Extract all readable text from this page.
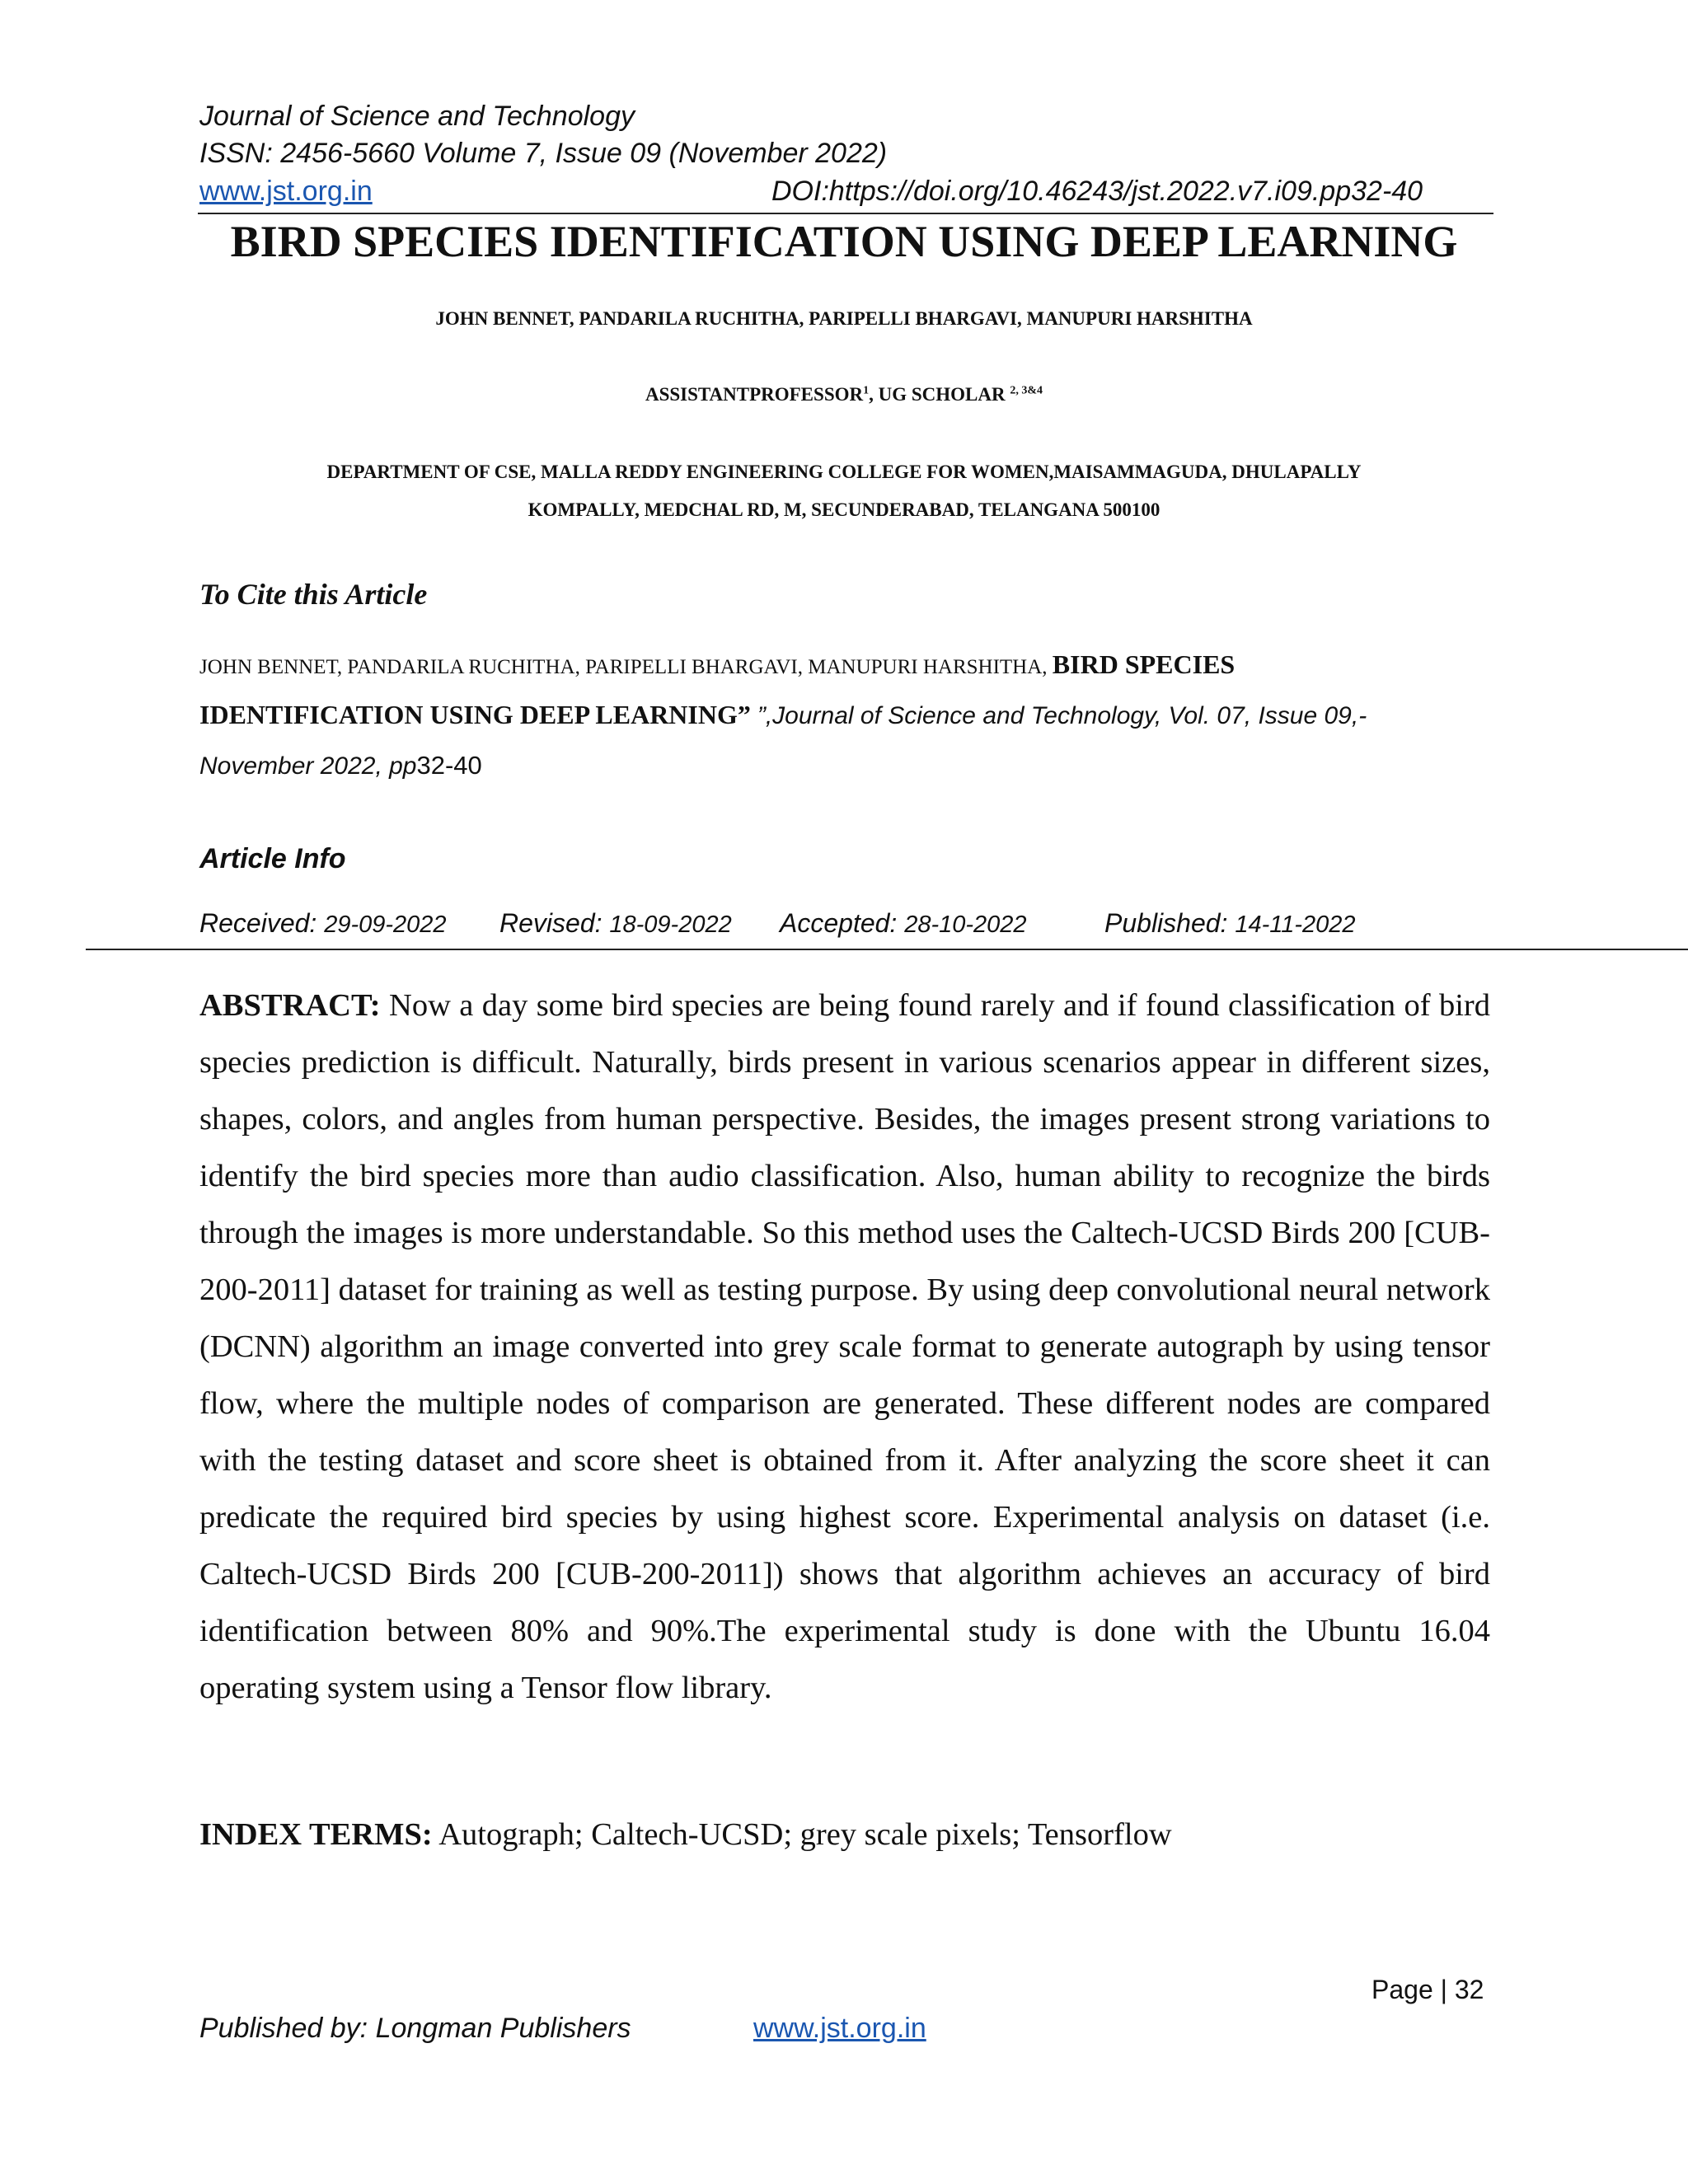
Journal of Science and Technology
ISSN: 2456-5660 Volume 7, Issue 09 (November 2022)
www.jst.org.in	DOI:https://doi.org/10.46243/jst.2022.v7.i09.pp32-40
BIRD SPECIES IDENTIFICATION USING DEEP LEARNING
JOHN BENNET, PANDARILA RUCHITHA, PARIPELLI BHARGAVI, MANUPURI HARSHITHA
ASSISTANTPROFESSOR$^1$, UG SCHOLAR $^{2, 3\&4}$
DEPARTMENT OF CSE, MALLA REDDY ENGINEERING COLLEGE FOR WOMEN,MAISAMMAGUDA, DHULAPALLY
KOMPALLY, MEDCHAL RD, M, SECUNDERABAD, TELANGANA 500100
To Cite this Article
JOHN BENNET, PANDARILA RUCHITHA, PARIPELLI BHARGAVI, MANUPURI HARSHITHA, BIRD SPECIES
IDENTIFICATION USING DEEP LEARNING” ”,Journal of Science and Technology, Vol. 07, Issue 09,-
November 2022, pp32-40
Article Info
Received: 29-09-2022 Revised: 18-09-2022 Accepted: 28-10-2022	Published: 14-11-2022
ABSTRACT: Now a day some bird species are being found rarely and if found classification of bird species prediction is difficult. Naturally, birds present in various scenarios appear in different sizes, shapes, colors, and angles from human perspective. Besides, the images present strong variations to identify the bird species more than audio classification. Also, human ability to recognize the birds through the images is more understandable. So this method uses the Caltech-UCSD Birds 200 [CUB-200-2011] dataset for training as well as testing purpose. By using deep convolutional neural network (DCNN) algorithm an image converted into grey scale format to generate autograph by using tensor flow, where the multiple nodes of comparison are generated. These different nodes are compared with the testing dataset and score sheet is obtained from it. After analyzing the score sheet it can predicate the required bird species by using highest score. Experimental analysis on dataset (i.e. Caltech-UCSD Birds 200 [CUB-200-2011]) shows that algorithm achieves an accuracy of bird identification between 80% and 90%.The experimental study is done with the Ubuntu 16.04 operating system using a Tensor flow library.
INDEX TERMS: Autograph; Caltech-UCSD; grey scale pixels; Tensorflow
Page | 32
Published by: Longman Publishers	www.jst.org.in
